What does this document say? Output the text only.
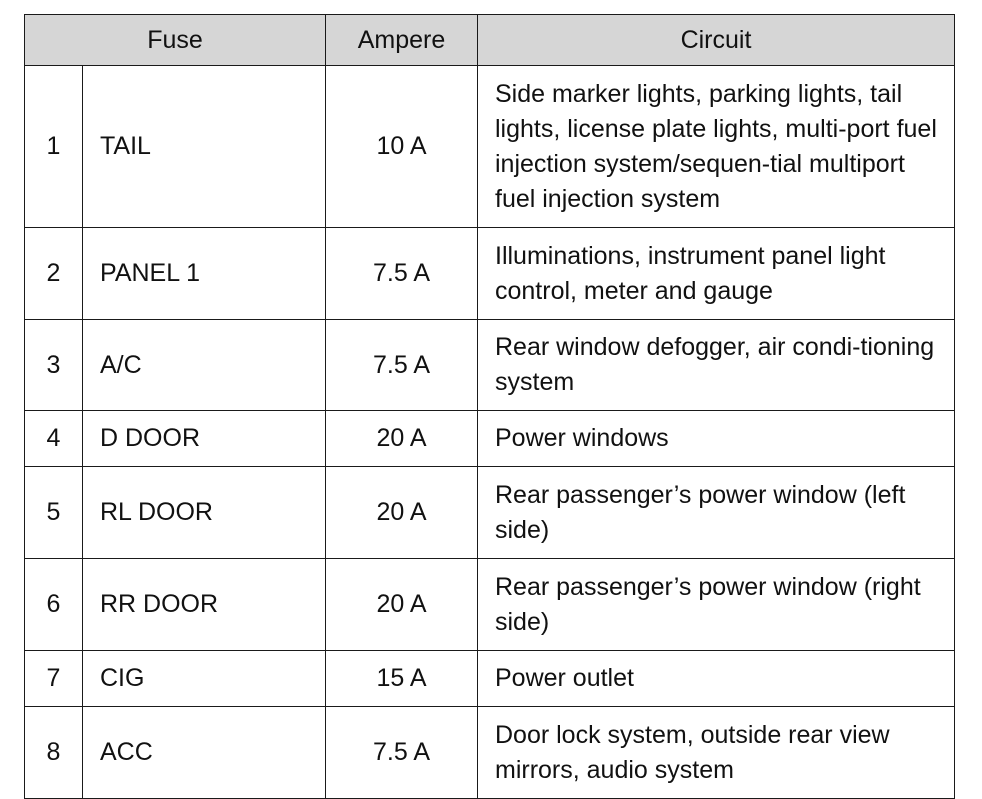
Fuse		Ampere	Circuit
1	TAIL	10 A	Side marker lights, parking lights, tail lights, license plate lights, multi-port fuel injection system/sequen-tial multiport fuel injection system
2	PANEL 1	7.5 A	Illuminations, instrument panel light control, meter and gauge
3	A/C	7.5 A	Rear window defogger, air condi-tioning system
4	D DOOR	20 A	Power windows
5	RL DOOR	20 A	Rear passenger’s power window (left side)
6	RR DOOR	20 A	Rear passenger’s power window (right side)
7	CIG	15 A	Power outlet
8	ACC	7.5 A	Door lock system, outside rear view mirrors, audio system
